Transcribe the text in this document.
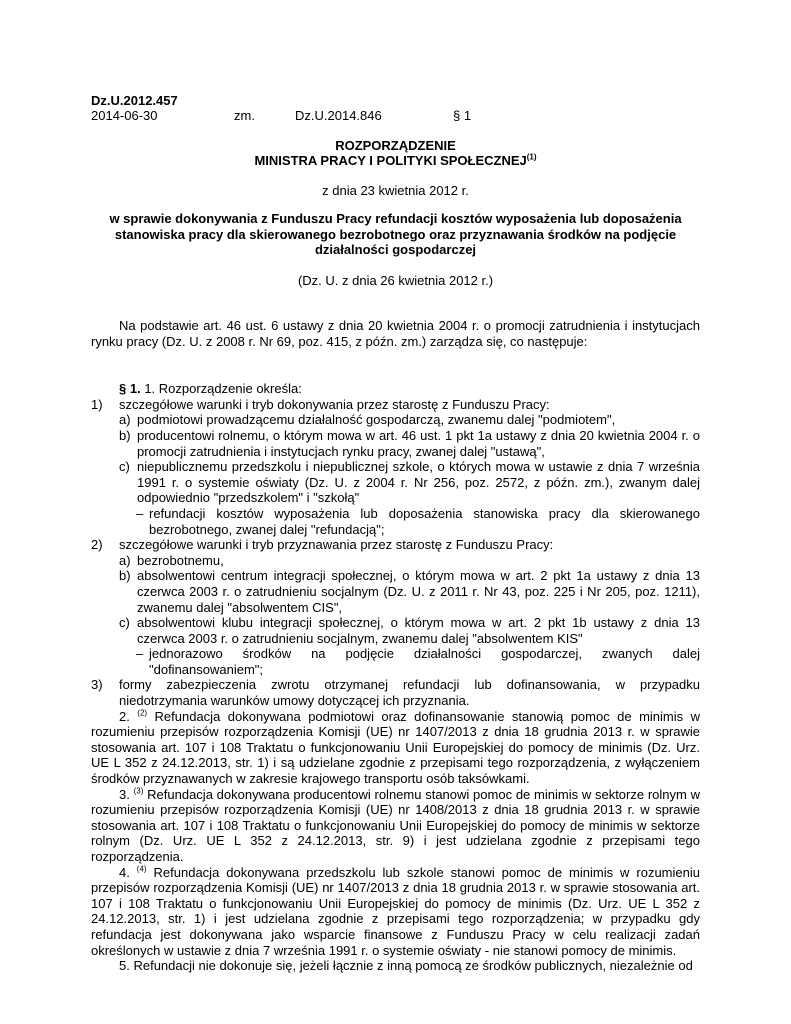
Dz.U.2012.457
2014-06-30	zm.	Dz.U.2014.846	§ 1
ROZPORZĄDZENIE
MINISTRA PRACY I POLITYKI SPOŁECZNEJ$^{(1)}$
z dnia 23 kwietnia 2012 r.
w sprawie dokonywania z Funduszu Pracy refundacji kosztów wyposażenia lub doposażenia stanowiska pracy dla skierowanego bezrobotnego oraz przyznawania środków na podjęcie działalności gospodarczej
(Dz. U. z dnia 26 kwietnia 2012 r.)

Na podstawie art. 46 ust. 6 ustawy z dnia 20 kwietnia 2004 r. o promocji zatrudnienia i instytucjach rynku pracy (Dz. U. z 2008 r. Nr 69, poz. 415, z późn. zm.) zarządza się, co następuje:

§ 1. 1. Rozporządzenie określa:

1) szczegółowe warunki i tryb dokonywania przez starostę z Funduszu Pracy:
a) podmiotowi prowadzącemu działalność gospodarczą, zwanemu dalej "podmiotem",
b) producentowi rolnemu, o którym mowa w art. 46 ust. 1 pkt 1a ustawy z dnia 20 kwietnia 2004 r. o promocji zatrudnienia i instytucjach rynku pracy, zwanej dalej "ustawą",
c) niepublicznemu przedszkolu i niepublicznej szkole, o których mowa w ustawie z dnia 7 września 1991 r. o systemie oświaty (Dz. U. z 2004 r. Nr 256, poz. 2572, z późn. zm.), zwanym dalej odpowiednio "przedszkolem" i "szkołą"
– refundacji kosztów wyposażenia lub doposażenia stanowiska pracy dla skierowanego bezrobotnego, zwanej dalej "refundacją";
2) szczegółowe warunki i tryb przyznawania przez starostę z Funduszu Pracy:
a) bezrobotnemu,
b) absolwentowi centrum integracji społecznej, o którym mowa w art. 2 pkt 1a ustawy z dnia 13 czerwca 2003 r. o zatrudnieniu socjalnym (Dz. U. z 2011 r. Nr 43, poz. 225 i Nr 205, poz. 1211), zwanemu dalej "absolwentem CIS",
c) absolwentowi klubu integracji społecznej, o którym mowa w art. 2 pkt 1b ustawy z dnia 13 czerwca 2003 r. o zatrudnieniu socjalnym, zwanemu dalej "absolwentem KIS"
– jednorazowo środków na podjęcie działalności gospodarczej, zwanych dalej "dofinansowaniem";
3) formy zabezpieczenia zwrotu otrzymanej refundacji lub dofinansowania, w przypadku niedotrzymania warunków umowy dotyczącej ich przyznania.

2. $^{(2)}$ Refundacja dokonywana podmiotowi oraz dofinansowanie stanowią pomoc de minimis w rozumieniu przepisów rozporządzenia Komisji (UE) nr 1407/2013 z dnia 18 grudnia 2013 r. w sprawie stosowania art. 107 i 108 Traktatu o funkcjonowaniu Unii Europejskiej do pomocy de minimis (Dz. Urz. UE L 352 z 24.12.2013, str. 1) i są udzielane zgodnie z przepisami tego rozporządzenia, z wyłączeniem środków przyznawanych w zakresie krajowego transportu osób taksówkami.

3. $^{(3)}$ Refundacja dokonywana producentowi rolnemu stanowi pomoc de minimis w sektorze rolnym w rozumieniu przepisów rozporządzenia Komisji (UE) nr 1408/2013 z dnia 18 grudnia 2013 r. w sprawie stosowania art. 107 i 108 Traktatu o funkcjonowaniu Unii Europejskiej do pomocy de minimis w sektorze rolnym (Dz. Urz. UE L 352 z 24.12.2013, str. 9) i jest udzielana zgodnie z przepisami tego rozporządzenia.

4. $^{(4)}$ Refundacja dokonywana przedszkolu lub szkole stanowi pomoc de minimis w rozumieniu przepisów rozporządzenia Komisji (UE) nr 1407/2013 z dnia 18 grudnia 2013 r. w sprawie stosowania art. 107 i 108 Traktatu o funkcjonowaniu Unii Europejskiej do pomocy de minimis (Dz. Urz. UE L 352 z 24.12.2013, str. 1) i jest udzielana zgodnie z przepisami tego rozporządzenia; w przypadku gdy refundacja jest dokonywana jako wsparcie finansowe z Funduszu Pracy w celu realizacji zadań określonych w ustawie z dnia 7 września 1991 r. o systemie oświaty - nie stanowi pomocy de minimis.

5. Refundacji nie dokonuje się, jeżeli łącznie z inną pomocą ze środków publicznych, niezależnie od
